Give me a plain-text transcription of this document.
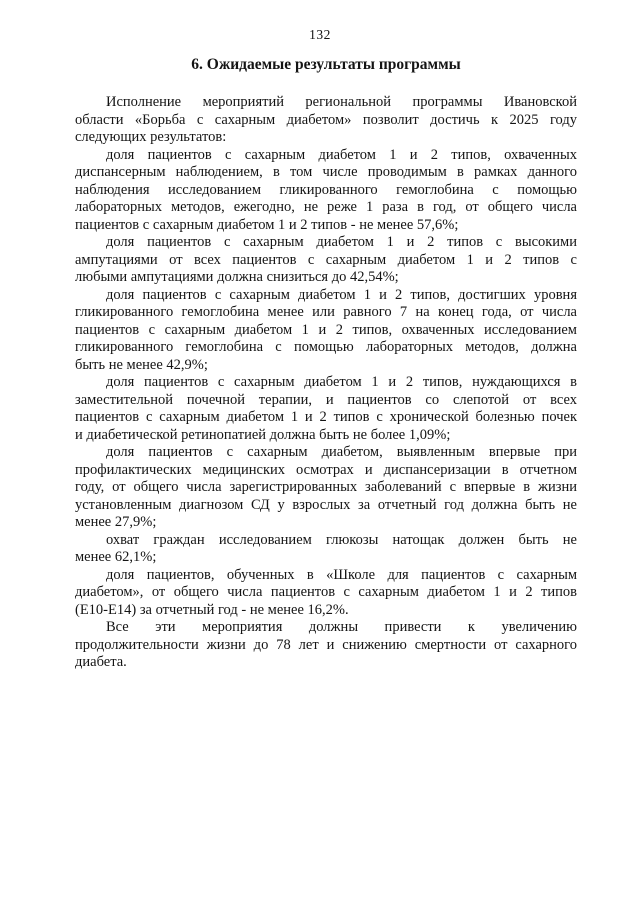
132
6. Ожидаемые результаты программы
Исполнение мероприятий региональной программы Ивановской
области «Борьба с сахарным диабетом» позволит достичь к 2025 году
следующих результатов:
доля пациентов с сахарным диабетом 1 и 2 типов, охваченных
диспансерным наблюдением, в том числе проводимым в рамках данного
наблюдения исследованием гликированного гемоглобина с помощью
лабораторных методов, ежегодно, не реже 1 раза в год, от общего числа
пациентов с сахарным диабетом 1 и 2 типов - не менее 57,6%;
доля пациентов с сахарным диабетом 1 и 2 типов с высокими
ампутациями от всех пациентов с сахарным диабетом 1 и 2 типов с
любыми ампутациями должна снизиться до 42,54%;
доля пациентов с сахарным диабетом 1 и 2 типов, достигших уровня
гликированного гемоглобина менее или равного 7 на конец года, от числа
пациентов с сахарным диабетом 1 и 2 типов, охваченных исследованием
гликированного гемоглобина с помощью лабораторных методов, должна
быть не менее 42,9%;
доля пациентов с сахарным диабетом 1 и 2 типов, нуждающихся в
заместительной почечной терапии, и пациентов со слепотой от всех
пациентов с сахарным диабетом 1 и 2 типов с хронической болезнью почек
и диабетической ретинопатией должна быть не более 1,09%;
доля пациентов с сахарным диабетом, выявленным впервые при
профилактических медицинских осмотрах и диспансеризации в отчетном
году, от общего числа зарегистрированных заболеваний с впервые в жизни
установленным диагнозом СД у взрослых за отчетный год должна быть не
менее 27,9%;
охват граждан исследованием глюкозы натощак должен быть не
менее 62,1%;
доля пациентов, обученных в «Школе для пациентов с сахарным
диабетом», от общего числа пациентов с сахарным диабетом 1 и 2 типов
(Е10-Е14) за отчетный год - не менее 16,2%.
Все эти мероприятия должны привести к увеличению
продолжительности жизни до 78 лет и снижению смертности от сахарного
диабета.
